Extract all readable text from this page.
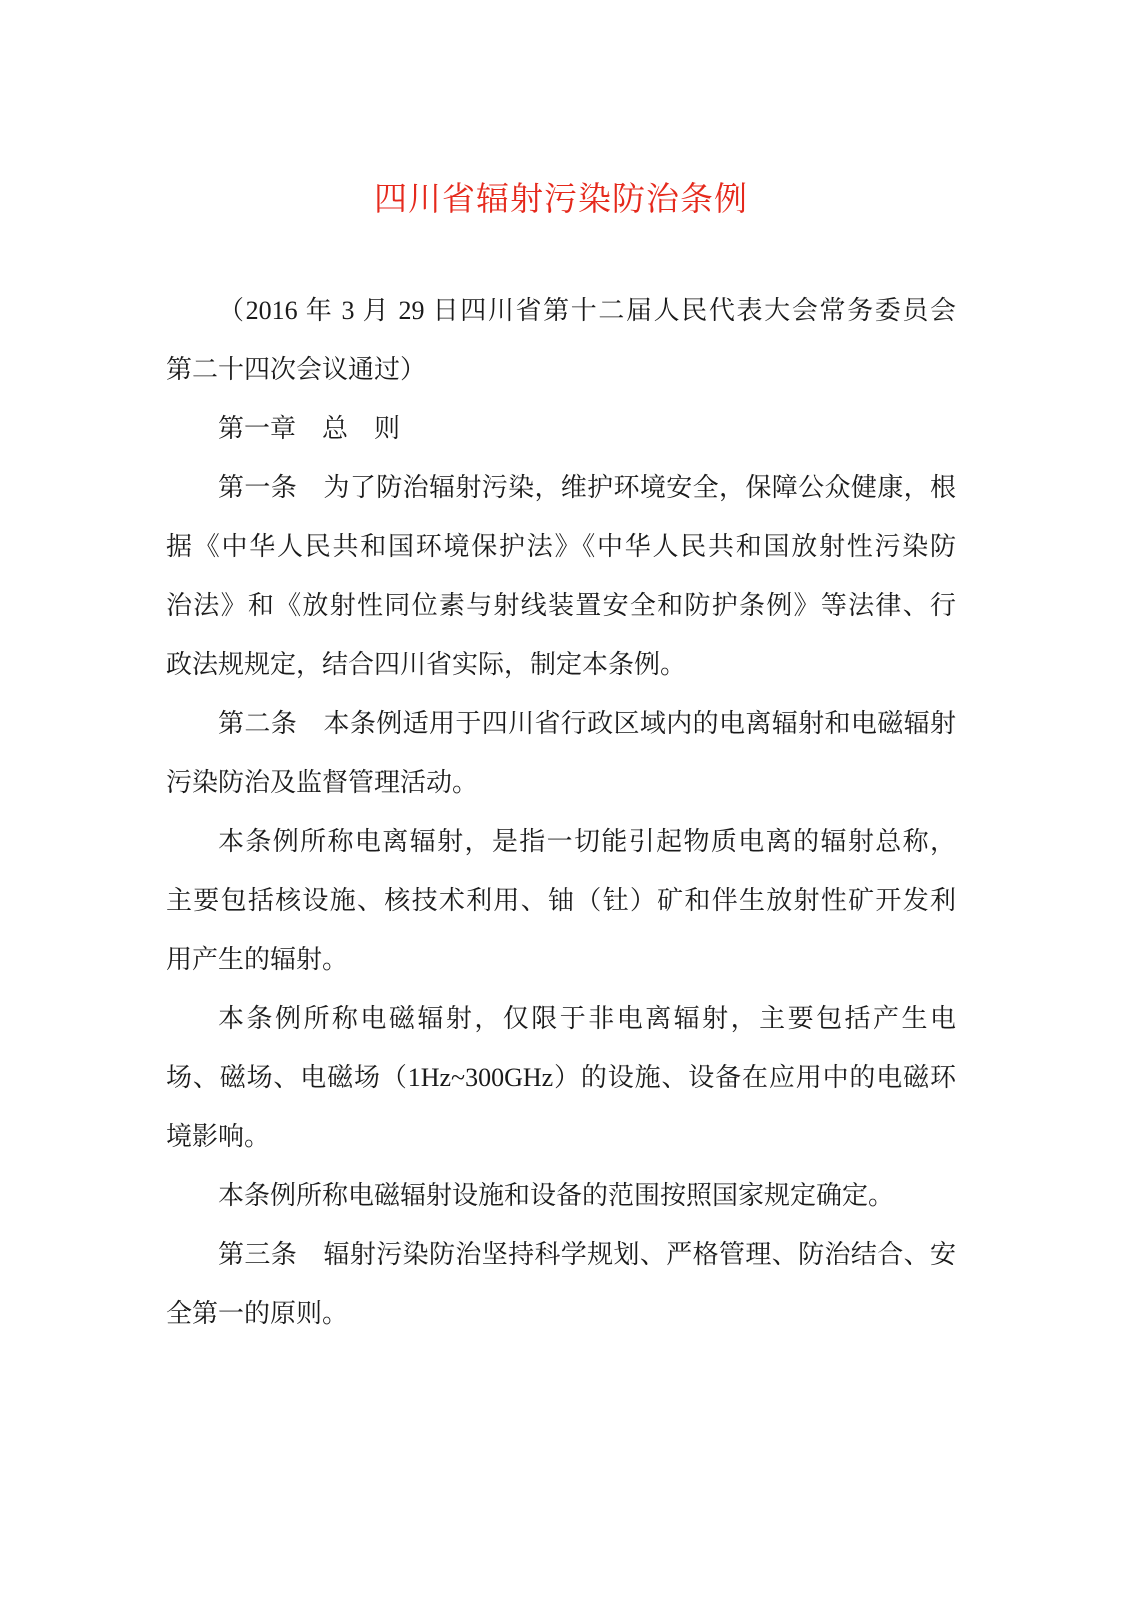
四川省辐射污染防治条例
（2016 年 3 月 29 日四川省第十二届人民代表大会常务委员会
第二十四次会议通过）
第一章　总　则
第一条　为了防治辐射污染，维护环境安全，保障公众健康，根
据《中华人民共和国环境保护法》《中华人民共和国放射性污染防
治法》和《放射性同位素与射线装置安全和防护条例》等法律、行
政法规规定，结合四川省实际，制定本条例。
第二条　本条例适用于四川省行政区域内的电离辐射和电磁辐射
污染防治及监督管理活动。
本条例所称电离辐射，是指一切能引起物质电离的辐射总称，
主要包括核设施、核技术利用、铀（钍）矿和伴生放射性矿开发利
用产生的辐射。
本条例所称电磁辐射，仅限于非电离辐射，主要包括产生电
场、磁场、电磁场（1Hz~300GHz）的设施、设备在应用中的电磁环
境影响。
本条例所称电磁辐射设施和设备的范围按照国家规定确定。
第三条　辐射污染防治坚持科学规划、严格管理、防治结合、安
全第一的原则。
